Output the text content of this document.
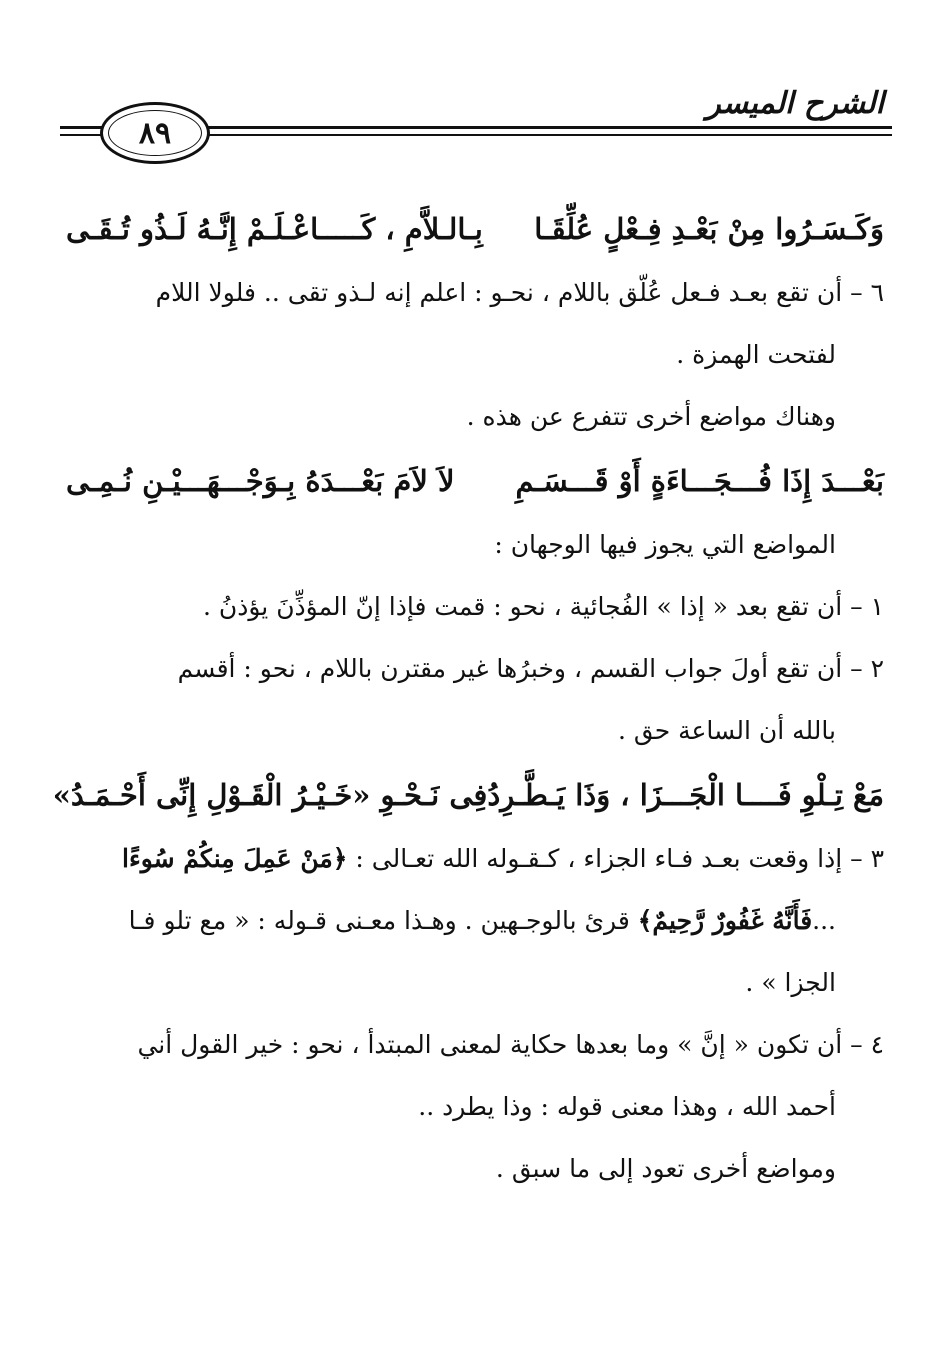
الشرح الميسر
٨٩
وَكَـسَـرُوا مِنْ بَعْـدِ فِـعْلٍ عُلِّقَـا
بِـالـلاَّمِ ، كَـــــاعْـلَـمْ إِنَّـهُ لَـذُو تُـقَـى

٦ – أن تقع بعـد فـعل عُلّق باللام ، نحـو : اعلم إنه لـذو تقى .. فلولا اللام
لفتحت الهمزة .

وهناك مواضع أخرى تتفرع عن هذه .

بَعْـــدَ إِذَا فُـــجَـــاءَةٍ أَوْ قَـــسَـمِ
لاَ لاَمَ بَعْـــدَهُ بِـوَجْـــهَـــيْـنِ نُـمِـى

المواضع التي يجوز فيها الوجهان :

١ – أن تقع بعد « إذا » الفُجائية ، نحو : قمت فإذا إنّ المؤذِّنَ يؤذنُ .

٢ – أن تقع أولَ جواب القسم ، وخبرُها غير مقترن باللام ، نحو : أقسم
بالله أن الساعة حق .

مَعْ تِـلْوِ فَــــا الْجَـــزَا ، وَذَا يَـطَّـرِدُ
فِى نَـحْـوِ «خَـيْـرُ الْقَـوْلِ إِنِّى أَحْـمَـدُ»

٣ – إذا وقعت بعـد فـاء الجزاء ، كـقـوله الله تعـالى : ﴿مَنْ عَمِلَ مِنكُمْ سُوءًا
...فَأَنَّهُ غَفُورٌ رَّحِيمٌ﴾ قرئ بالوجـهين . وهـذا معـنى قـوله : « مع تلو فـا
الجزا » .

٤ – أن تكون « إنَّ » وما بعدها حكاية لمعنى المبتدأ ، نحو : خير القول أني
أحمد الله ، وهذا معنى قوله : وذا يطرد ..

ومواضع أخرى تعود إلى ما سبق .
